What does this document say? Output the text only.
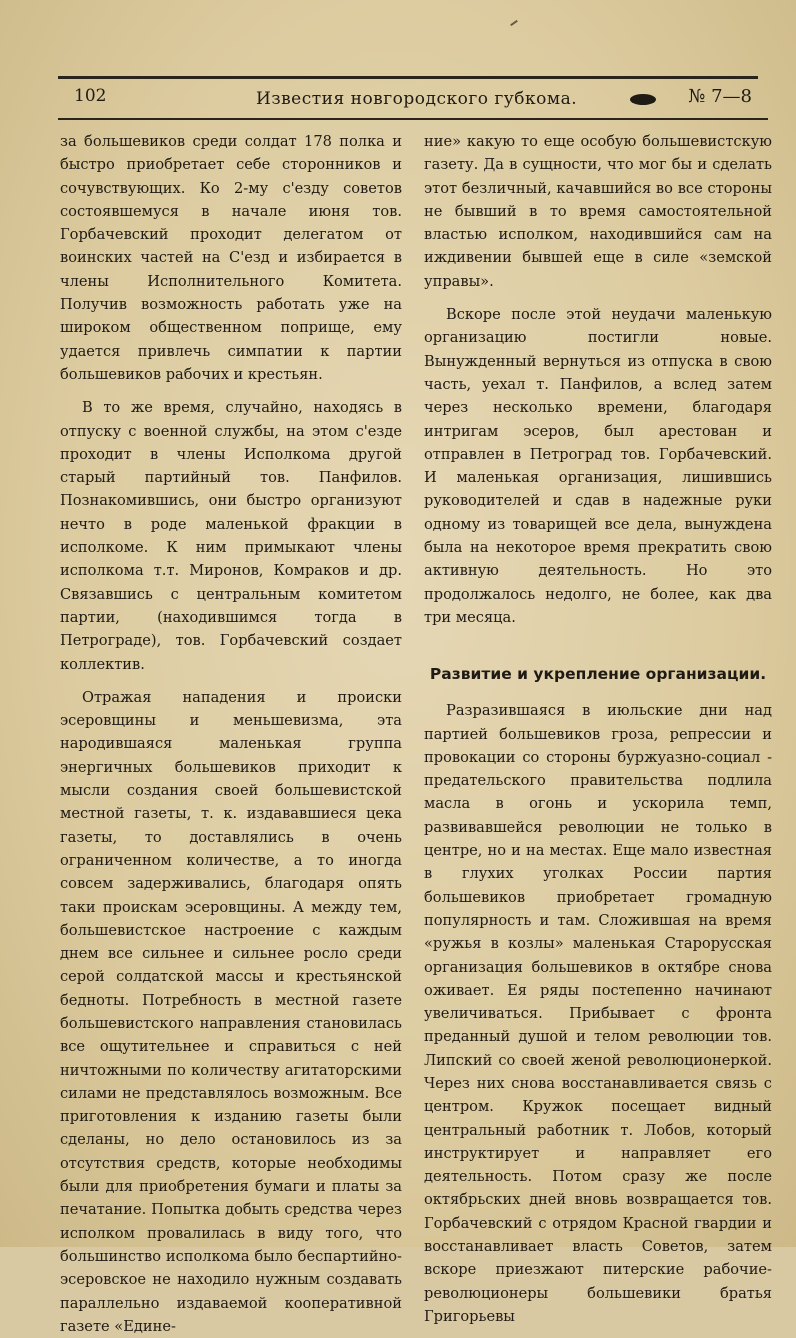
102	Известия новгородского губкома.	№ 7—8

за большевиков среди солдат 178 полка и быстро приобретает себе сторонников и сочувствующих. Ко 2-му с'езду советов состоявшемуся в начале июня тов. Горбачевский проходит делегатом от воинских частей на С'езд и избирается в члены Исполнительного Комитета. Получив возможность работать уже на широком общественном поприще, ему удается привлечь симпатии к партии большевиков рабочих и крестьян.

В то же время, случайно, находясь в отпуску с военной службы, на этом с'езде проходит в члены Исполкома другой старый партийный тов. Панфилов. Познакомившись, они быстро организуют нечто в роде маленькой фракции в исполкоме. К ним примыкают члены исполкома т.т. Миронов, Комраков и др. Связавшись с центральным комитетом партии, (находившимся тогда в Петрограде), тов. Горбачевский создает коллектив.

Отражая нападения и происки эсеровщины и меньшевизма, эта народившаяся маленькая группа энергичных большевиков приходит к мысли создания своей большевистской местной газеты, т. к. издававшиеся цека газеты, то доставлялись в очень ограниченном количестве, а то иногда совсем задерживались, благодаря опять таки проискам эсеровщины. А между тем, большевистское настроение с каждым днем все сильнее и сильнее росло среди серой солдатской массы и крестьянской бедноты. Потребность в местной газете большевистского направления становилась все ощутительнее и справиться с ней ничтожными по количеству агитаторскими силами не представлялось возможным. Все приготовления к изданию газеты были сделаны, но дело остановилось из за отсутствия средств, которые необходимы были для приобретения бумаги и платы за печатание. Попытка добыть средства через исполком провалилась в виду того, что большинство исполкома было беспартийно-эсеровское не находило нужным создавать параллельно издаваемой кооперативной газете «Едине-

ние» какую то еще особую большевистскую газету. Да в сущности, что мог бы и сделать этот безличный, качавшийся во все стороны не бывший в то время самостоятельной властью исполком, находившийся сам на иждивении бывшей еще в силе «земской управы».

Вскоре после этой неудачи маленькую организацию постигли новые. Вынужденный вернуться из отпуска в свою часть, уехал т. Панфилов, а вслед затем через несколько времени, благодаря интригам эсеров, был арестован и отправлен в Петроград тов. Горбачевский. И маленькая организация, лишившись руководителей и сдав в надежные руки одному из товарищей все дела, вынуждена была на некоторое время прекратить свою активную деятельность. Но это продолжалось недолго, не более, как два три месяца.

Развитие и укрепление организации.

Разразившаяся в июльские дни над партией большевиков гроза, репрессии и провокации со стороны буржуазно-социал - предательского правительства подлила масла в огонь и ускорила темп, развивавшейся революции не только в центре, но и на местах. Еще мало известная в глухих уголках России партия большевиков приобретает громадную популярность и там. Сложившая на время «ружья в козлы» маленькая Старорусская организация большевиков в октябре снова оживает. Ея ряды постепенно начинают увеличиваться. Прибывает с фронта преданный душой и телом революции тов. Липский со своей женой революционеркой. Через них снова восстанавливается связь с центром. Кружок посещает видный центральный работник т. Лобов, который инструктирует и направляет его деятельность. Потом сразу же после октябрьских дней вновь возвращается тов. Горбачевский с отрядом Красной гвардии и восстанавливает власть Советов, затем вскоре приезжают питерские рабочие-революционеры большевики братья Григорьевы
